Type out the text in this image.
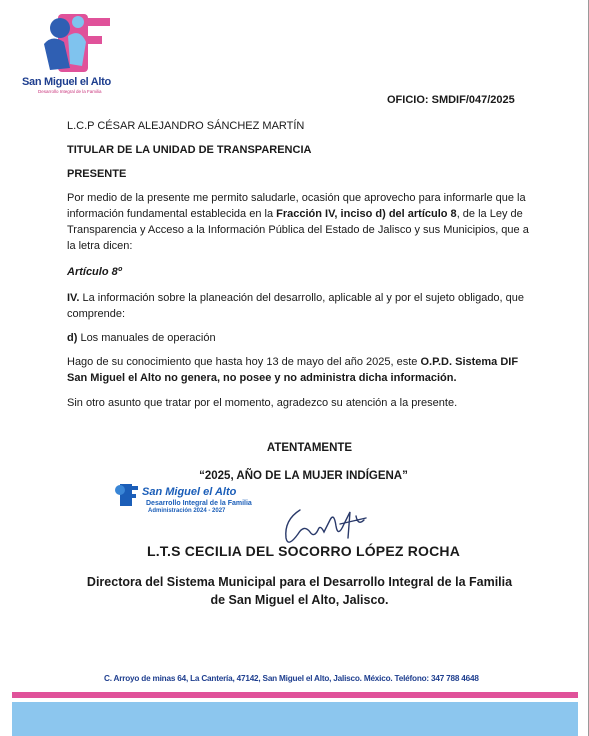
San Miguel el Alto
Desarrollo Integral de la Familia
OFICIO: SMDIF/047/2025
L.C.P CÉSAR ALEJANDRO SÁNCHEZ MARTÍN
TITULAR DE LA UNIDAD DE TRANSPARENCIA
PRESENTE
Por medio de la presente me permito saludarle, ocasión que aprovecho para informarle que la información fundamental establecida en la Fracción IV, inciso d) del artículo 8, de la Ley de Transparencia y Acceso a la Información Pública del Estado de Jalisco y sus Municipios, que a la letra dicen:
Artículo 8º
IV. La información sobre la planeación del desarrollo, aplicable al y por el sujeto obligado, que comprende:
d) Los manuales de operación
Hago de su conocimiento que hasta hoy 13 de mayo del año 2025, este O.P.D. Sistema DIF San Miguel el Alto no genera, no posee y no administra dicha información.
Sin otro asunto que tratar por el momento, agradezco su atención a la presente.
ATENTAMENTE
“2025, AÑO DE LA MUJER INDÍGENA”
San Miguel el Alto
Desarrollo Integral de la Familia
Administración 2024 - 2027
L.T.S CECILIA DEL SOCORRO LÓPEZ ROCHA
Directora del Sistema Municipal para el Desarrollo Integral de la Familia
de San Miguel el Alto, Jalisco.
C. Arroyo de minas 64, La Cantería, 47142, San Miguel el Alto, Jalisco. México. Teléfono: 347 788 4648
